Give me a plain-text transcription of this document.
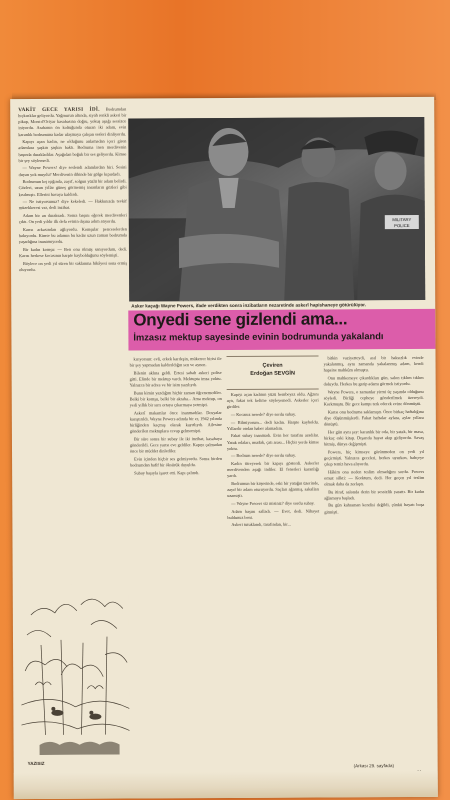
VAKİT GECE YARISI İDİ. Bodrumdan hıçkırıklar geliyordu. Yağmurun altında, siyah renkli askeri bir pikap, Mont-d'Oriyar kasabasına doğru, yokuş aşağı sessizce iniyordu. Arabanın ön koltuğunda oturan iki adam, evin karanlık bodrumuna kadar ulaşmaya çalışan sesleri dinliyordu.

Kapıyı açan kadın, ne olduğunu anlamadan içeri giren adamlara şaşkın şaşkın baktı. Bodruma inen merdivenin başında durakladılar. Aşağıdan boğuk bir ses geliyordu. Kimse bir şey söylemedi.

— Wayne Powers! diye seslendi adamlardan biri. Sesini duyan yok muydu? Merdivenin dibinde bir gölge kıpırdadı.

Bodrumun loş ışığında, zayıf, solgun yüzlü bir adam belirdi. Gözleri, uzun yıllar güneş görmemiş insanların gözleri gibi kısılmıştı. Ellerini havaya kaldırdı.

— Ne istiyorsunuz? diye kekeledi. — Hakkınızda tevkif müzekkeresi var, dedi inzibat.

Adam bir an duraksadı. Sonra başını eğerek merdivenleri çıktı. On yedi yıldır ilk defa evinin dışına adım atıyordu.

Karısı arkasından ağlıyordu. Komşular pencerelerden bakıyordu. Kimse bu adamın bu kadar uzun zaman bodrumda yaşadığına inanamıyordu.

Bir kadın komşu: — Ben onu ölmüş sanıyordum, dedi. Karısı herkese kocasının harpte kaybolduğunu söylemişti.

Böylece on yedi yıl süren bir saklanma hikâyesi sona ermiş oluyordu.

YAZISIZ
MILITARY
POLICE
Asker kaçağı Wayne Powers, ifade verdikten sonra inzibatların nezaretinde askerî hapishaneye götürülüyor.
Onyedi sene gizlendi ama...
İmzasız mektup sayesinde evinin bodrumunda yakalandı

kırıyorsun: evli, erkek kardeşin, mükerrer birisi ile bir şey yapmadan kaldırıldığın sen ve aynen.

Bilenin aklına geldi. Ertesi sabah askeri polise gitti. Elinde bir mektup vardı. Mektupta imza yoktu. Yalnızca bir adres ve bir isim yazılıydı.

Bunu kimin yazdığını hiçbir zaman öğrenemediler. Belki bir komşu, belki bir akraba... Ama mektup, on yedi yıllık bir sırrı ortaya çıkarmaya yetmişti.

Askerî makamlar önce inanmadılar. Dosyalar karıştırıldı. Wayne Powers adında bir er, 1942 yılında birliğinden kaçmış olarak kayıtlıydı. Ailesine gönderilen mektuplara cevap gelmemişti.

Bir süre sonra bir subay ile iki inzibat, kasabaya gönderildi. Gece yarısı eve geldiler. Kapıyı çalmadan önce bir müddet dinlediler.

Evin içinden hiçbir ses gelmiyordu. Sonra birden bodrumdan hafif bir öksürük duyuldu.

Subay başıyla işaret etti. Kapı çalındı.

Çeviren
Erdoğan SEVGİN

Kapıyı açan kadının yüzü bembeyaz oldu. Ağzını açtı, fakat tek kelime söyleyemedi. Askerler içeri girdiler.

— Kocanız nerede? diye sordu subay.

— Bilmiyorum... dedi kadın. Harpte kayboldu. Yıllardır ondan haber alamadım.

Fakat subay inanmadı. Evin her tarafını aradılar. Yatak odaları, mutfak, çatı arası... Hiçbir yerde kimse yoktu.

— Bodrum nerede? diye sordu subay.

Kadın titreyerek bir kapıyı gösterdi. Askerler merdivenden aşağı indiler. El fenerleri karanlığı yardı.

Bodrumun bir köşesinde, eski bir yatağın üzerinde, zayıf bir adam oturuyordu. Saçları ağarmış, sakalları uzamıştı.

— Wayne Powers siz misiniz? diye sordu subay.

Adam başını salladı. — Evet, dedi. Nihayet buldunuz beni.

Askeri tutuklandı, tarafından, bir...

bitkin vaziyetteydi, asıl bir haksızlık evinde yakalanmış, aynı zamanda yakalanmış adam, kendi hapsine mahkûm olmuştu.

Onu mahkemeye çıkardıkları gün, salon tıklım tıklım doluydu. Herkes bu garip adamı görmek istiyordu.

Wayne Powers, o zamanlar yirmi üç yaşında olduğunu söyledi. Birliği cepheye gönderilmek üzereydi. Korkmuştu. Bir gece kampı terk ederek evine dönmüştü.

Karısı onu bodruma saklamıştı. Önce birkaç haftalığına diye düşünmüşlerdi. Fakat haftalar aylara, aylar yıllara dönüştü.

Her gün aynı şey: karanlık bir oda, bir yatak, bir masa, birkaç eski kitap. Dışarıda hayat akıp gidiyordu. Savaş bitmiş, dünya değişmişti.

Powers, hiç kimseye görünmeden on yedi yıl geçirmişti. Yalnızca geceleri, herkes uyurken, bahçeye çıkıp temiz hava alıyordu.

Hâkim ona neden teslim olmadığını sordu. Powers omuz silkti: — Korktum, dedi. Her geçen yıl teslim olmak daha da zorlaştı.

Bu itiraf, salonda derin bir sessizlik yarattı. Bir kadın ağlamaya başladı.

Bu gün kahraman kendisi değildi, çünkü hayatı boşa gitmişti.

(Arkası 29. sayfada)
